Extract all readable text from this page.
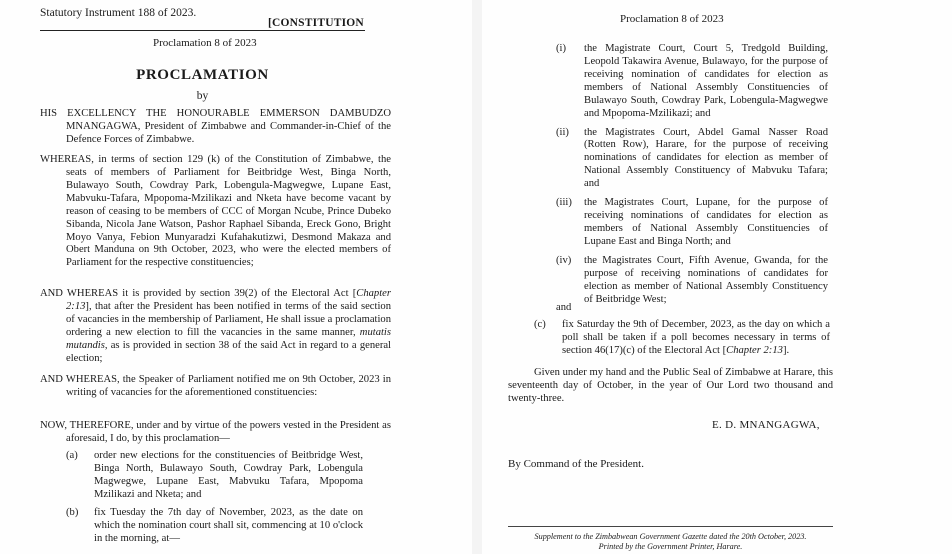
Statutory Instrument 188 of 2023.
[CONSTITUTION
Proclamation 8 of 2023
PROCLAMATION
by
HIS EXCELLENCY THE HONOURABLE EMMERSON DAMBUDZO MNANGAGWA, President of Zimbabwe and Commander-in-Chief of the Defence Forces of Zimbabwe.
WHEREAS, in terms of section 129 (k) of the Constitution of Zimbabwe, the seats of members of Parliament for Beitbridge West, Binga North, Bulawayo South, Cowdray Park, Lobengula-Magwegwe, Lupane East, Mabvuku-Tafara, Mpopoma-Mzilikazi and Nketa have become vacant by reason of ceasing to be members of CCC of Morgan Ncube, Prince Dubeko Sibanda, Nicola Jane Watson, Pashor Raphael Sibanda, Ereck Gono, Bright Moyo Vanya, Febion Munyaradzi Kufahakutizwi, Desmond Makaza and Obert Manduna on 9th October, 2023, who were the elected members of Parliament for the respective constituencies;
AND WHEREAS it is provided by section 39(2) of the Electoral Act [Chapter 2:13], that after the President has been notified in terms of the said section of vacancies in the membership of Parliament, He shall issue a proclamation ordering a new election to fill the vacancies in the same manner, mutatis mutandis, as is provided in section 38 of the said Act in regard to a general election;
AND WHEREAS, the Speaker of Parliament notified me on 9th October, 2023 in writing of vacancies for the aforementioned constituencies:
NOW, THEREFORE, under and by virtue of the powers vested in the President as aforesaid, I do, by this proclamation—
(a)	order new elections for the constituencies of Beitbridge West, Binga North, Bulawayo South, Cowdray Park, Lobengula Magwegwe, Lupane East, Mabvuku Tafara, Mpopoma Mzilikazi and Nketa; and
(b)	fix Tuesday the 7th day of November, 2023, as the date on which the nomination court shall sit, commencing at 10 o'clock in the morning, at—
Proclamation 8 of 2023
(i)	the Magistrate Court, Court 5, Tredgold Building, Leopold Takawira Avenue, Bulawayo, for the purpose of receiving nomination of candidates for election as members of National Assembly Constituencies of Bulawayo South, Cowdray Park, Lobengula-Magwegwe and Mpopoma-Mzilikazi; and
(ii)	the Magistrates Court, Abdel Gamal Nasser Road (Rotten Row), Harare, for the purpose of receiving nominations of candidates for election as member of National Assembly Constituency of Mabvuku Tafara; and
(iii)	the Magistrates Court, Lupane, for the purpose of receiving nominations of candidates for election as members of National Assembly Constituencies of Lupane East and Binga North; and
(iv)	the Magistrates Court, Fifth Avenue, Gwanda, for the purpose of receiving nominations of candidates for election as member of National Assembly Constituency of Beitbridge West;
and
(c)	fix Saturday the 9th of December, 2023, as the day on which a poll shall be taken if a poll becomes necessary in terms of section 46(17)(c) of the Electoral Act [Chapter 2:13].
Given under my hand and the Public Seal of Zimbabwe at Harare, this seventeenth day of October, in the year of Our Lord two thousand and twenty-three.
E. D. MNANGAGWA,
By Command of the President.
Supplement to the Zimbabwean Government Gazette dated the 20th October, 2023.
Printed by the Government Printer, Harare.
